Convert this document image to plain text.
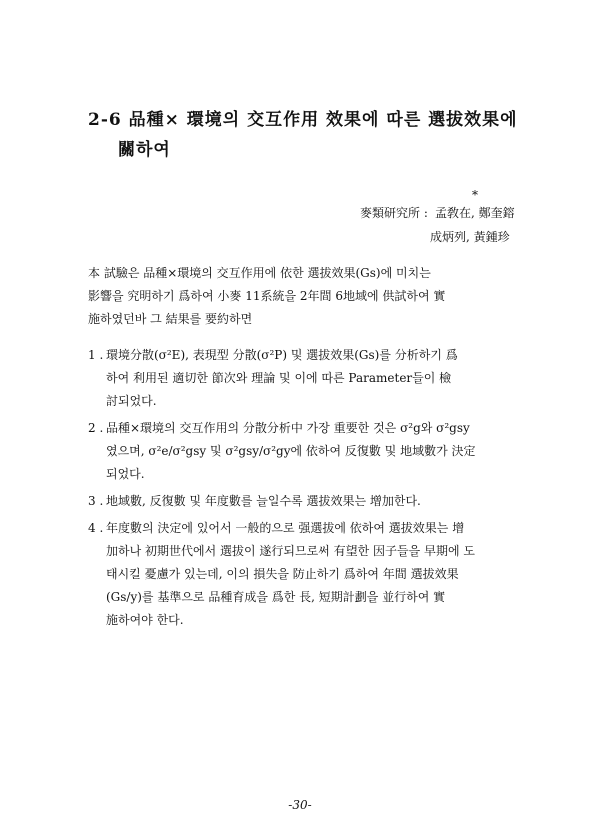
2-6 品種× 環境의 交互作用 效果에 따른 選拔效果에
關하여
*
麥類研究所 : 孟敎在, 鄭奎鎔
成炳列, 黃鍾珍

本 試驗은 品種×環境의 交互作用에 依한 選拔效果(Gs)에 미치는

影響을 究明하기 爲하여 小麥 11系統을 2年間 6地域에 供試하여 實

施하였던바 그 結果를 要約하면

1 . 環境分散(σ²E), 表現型 分散(σ²P) 및 選拔效果(Gs)를 分析하기 爲

하여 利用된 適切한 節次와 理論 및 이에 따른 Parameter들이 檢

討되었다.

2 . 品種×環境의 交互作用의 分散分析中 가장 重要한 것은 σ²g와 σ²gsy

였으며, σ²e/σ²gsy 및 σ²gsy/σ²gy에 依하여 反復數 및 地域數가 決定

되었다.

3 . 地域數, 反復數 및 年度數를 늘일수록 選拔效果는 增加한다.

4 . 年度數의 決定에 있어서 一般的으로 强選拔에 依하여 選拔效果는 增

加하나 初期世代에서 選拔이 遂行되므로써 有望한 因子들을 早期에 도

태시킬 憂慮가 있는데, 이의 損失을 防止하기 爲하여 年間 選拔效果

(Gs/y)를 基準으로 品種育成을 爲한 長, 短期計劃을 並行하여 實

施하여야 한다.

-30-
